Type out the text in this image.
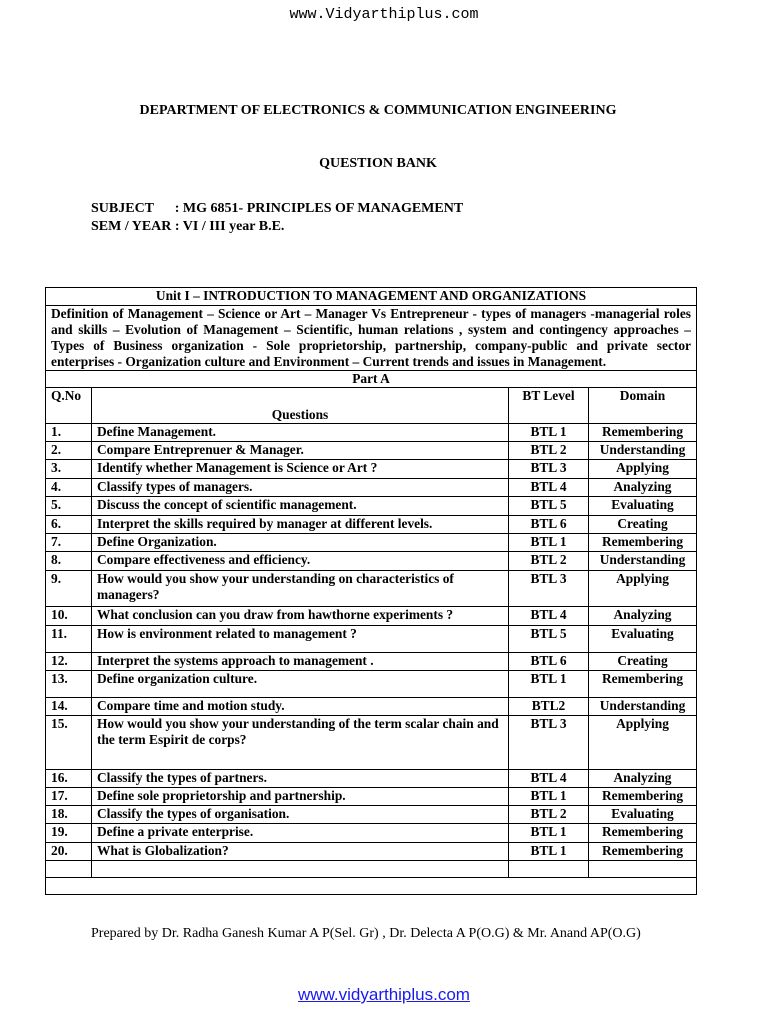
www.Vidyarthiplus.com
DEPARTMENT OF ELECTRONICS & COMMUNICATION ENGINEERING
QUESTION BANK
SUBJECT      : MG 6851- PRINCIPLES OF MANAGEMENT
SEM / YEAR : VI / III year B.E.
Unit I – INTRODUCTION TO MANAGEMENT AND ORGANIZATIONS			
Definition of Management – Science or Art – Manager Vs Entrepreneur - types of managers -managerial roles and skills – Evolution of Management – Scientific, human relations , system and contingency approaches – Types of Business organization - Sole proprietorship, partnership, company-public and private sector enterprises - Organization culture and Environment – Current trends and issues in Management.			
Part A			
Q.No	Questions	BT Level	Domain
1.	Define Management.	BTL 1	Remembering
2.	Compare Entreprenuer & Manager.	BTL 2	Understanding
3.	Identify whether Management is Science or Art ?	BTL 3	Applying
4.	Classify types of managers.	BTL 4	Analyzing
5.	Discuss the concept of scientific management.	BTL 5	Evaluating
6.	Interpret the skills required by manager at different levels.	BTL 6	Creating
7.	Define Organization.	BTL 1	Remembering
8.	Compare effectiveness and efficiency.	BTL 2	Understanding
9.	How would you show your understanding on characteristics of managers?	BTL 3	Applying
10.	What conclusion can you draw from hawthorne experiments ?	BTL 4	Analyzing
11.	How is environment related to management ?	BTL 5	Evaluating
12.	Interpret the systems approach to management .	BTL 6	Creating
13.	Define organization culture.	BTL 1	Remembering
14.	Compare time and motion study.	BTL2	Understanding
15.	How would you show your understanding of the term scalar chain and the term Espirit de corps?	BTL 3	Applying
16.	Classify the types of partners.	BTL 4	Analyzing
17.	Define sole proprietorship and partnership.	BTL 1	Remembering
18.	Classify the types of organisation.	BTL 2	Evaluating
19.	Define a private enterprise.	BTL 1	Remembering
20.	What is Globalization?	BTL 1	Remembering

Prepared by Dr. Radha Ganesh Kumar A P(Sel. Gr) , Dr. Delecta A P(O.G) & Mr. Anand AP(O.G)
www.vidyarthiplus.com
